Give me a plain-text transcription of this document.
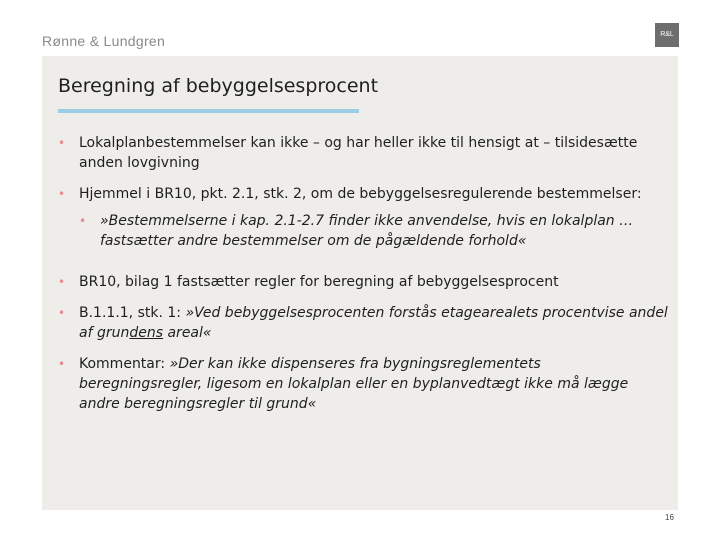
Rønne & Lundgren	R&L
Beregning af bebyggelsesprocent
• Lokalplanbestemmelser kan ikke – og har heller ikke til hensigt at – tilsidesætte anden lovgivning
• Hjemmel i BR10, pkt. 2.1, stk. 2, om de bebyggelsesregulerende bestemmelser:
• »Bestemmelserne i kap. 2.1-2.7 finder ikke anvendelse, hvis en lokalplan … fastsætter andre bestemmelser om de pågældende forhold«
• BR10, bilag 1 fastsætter regler for beregning af bebyggelsesprocent
• B.1.1.1, stk. 1: »Ved bebyggelsesprocenten forstås etagearealets procentvise andel af grundens areal«
• Kommentar: »Der kan ikke dispenseres fra bygningsreglementets beregningsregler, ligesom en lokalplan eller en byplanvedtægt ikke må lægge andre beregningsregler til grund«
16
